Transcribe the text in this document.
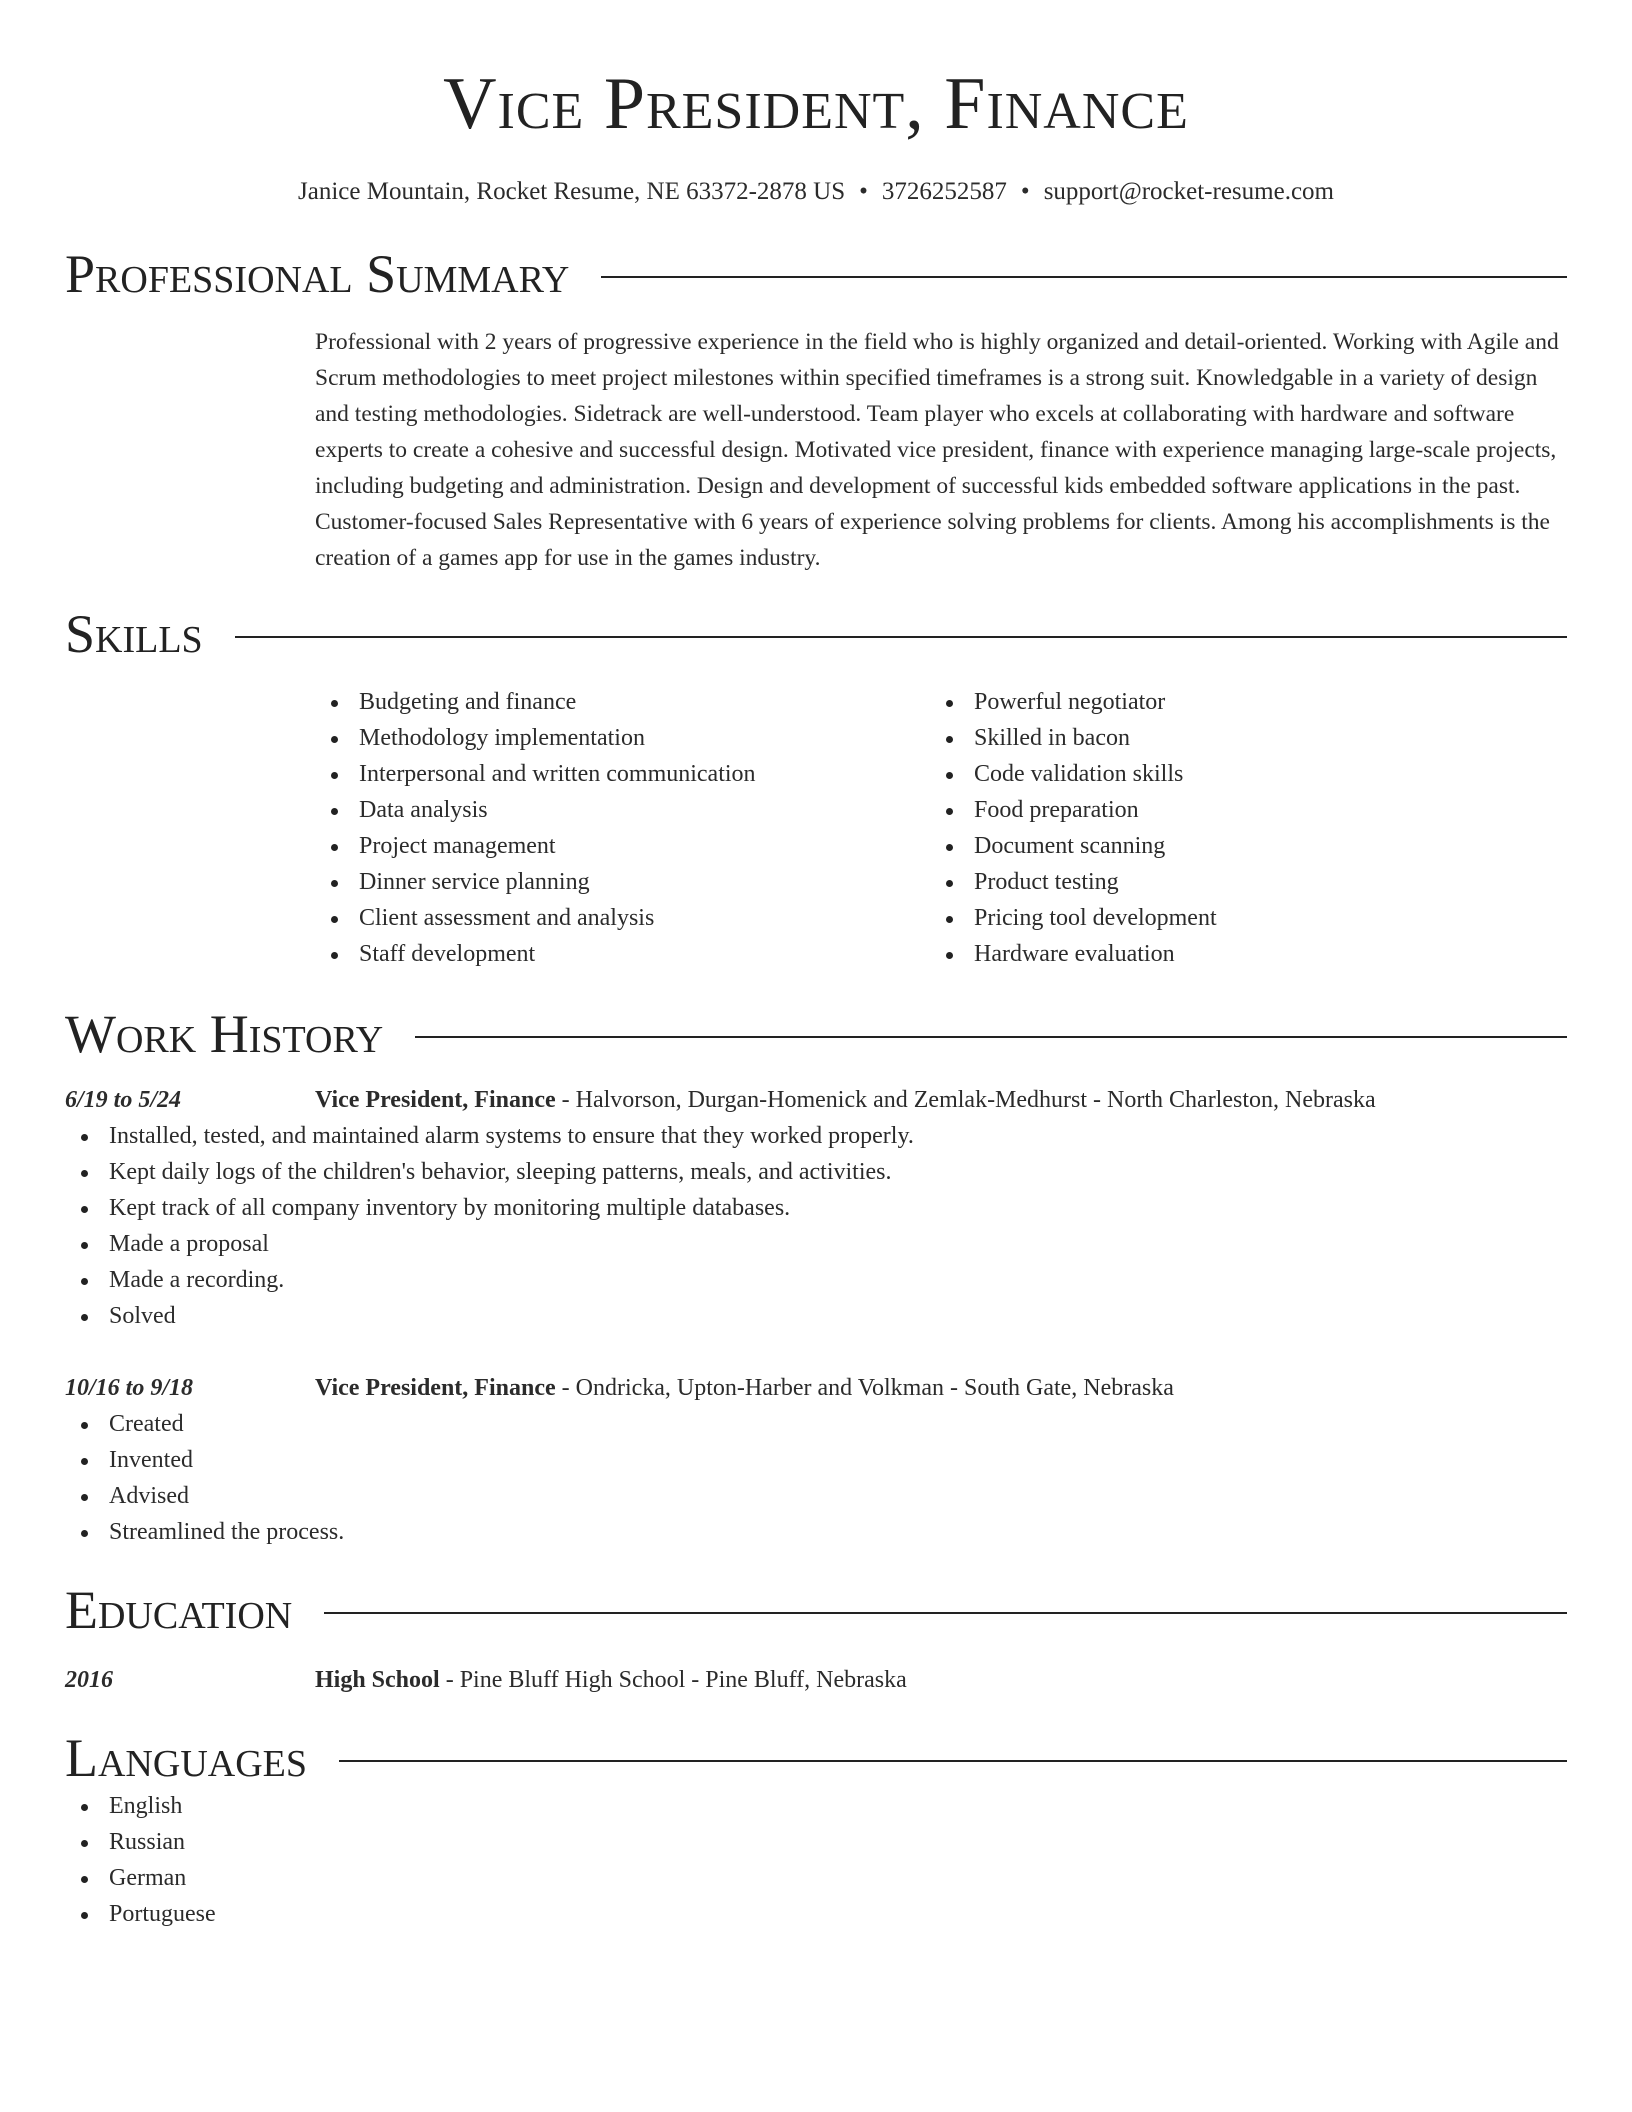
Vice President, Finance
Janice Mountain, Rocket Resume, NE 63372-2878 US • 3726252587 • support@rocket-resume.com
Professional Summary
Professional with 2 years of progressive experience in the field who is highly organized and detail-oriented. Working with Agile and Scrum methodologies to meet project milestones within specified timeframes is a strong suit. Knowledgable in a variety of design and testing methodologies. Sidetrack are well-understood. Team player who excels at collaborating with hardware and software experts to create a cohesive and successful design. Motivated vice president, finance with experience managing large-scale projects, including budgeting and administration. Design and development of successful kids embedded software applications in the past. Customer-focused Sales Representative with 6 years of experience solving problems for clients. Among his accomplishments is the creation of a games app for use in the games industry.
Skills
Budgeting and finance
Methodology implementation
Interpersonal and written communication
Data analysis
Project management
Dinner service planning
Client assessment and analysis
Staff development
Powerful negotiator
Skilled in bacon
Code validation skills
Food preparation
Document scanning
Product testing
Pricing tool development
Hardware evaluation
Work History
6/19 to 5/24	Vice President, Finance - Halvorson, Durgan-Homenick and Zemlak-Medhurst - North Charleston, Nebraska
Installed, tested, and maintained alarm systems to ensure that they worked properly.
Kept daily logs of the children's behavior, sleeping patterns, meals, and activities.
Kept track of all company inventory by monitoring multiple databases.
Made a proposal
Made a recording.
Solved
10/16 to 9/18	Vice President, Finance - Ondricka, Upton-Harber and Volkman - South Gate, Nebraska
Created
Invented
Advised
Streamlined the process.
Education
2016	High School - Pine Bluff High School - Pine Bluff, Nebraska
Languages
English
Russian
German
Portuguese
